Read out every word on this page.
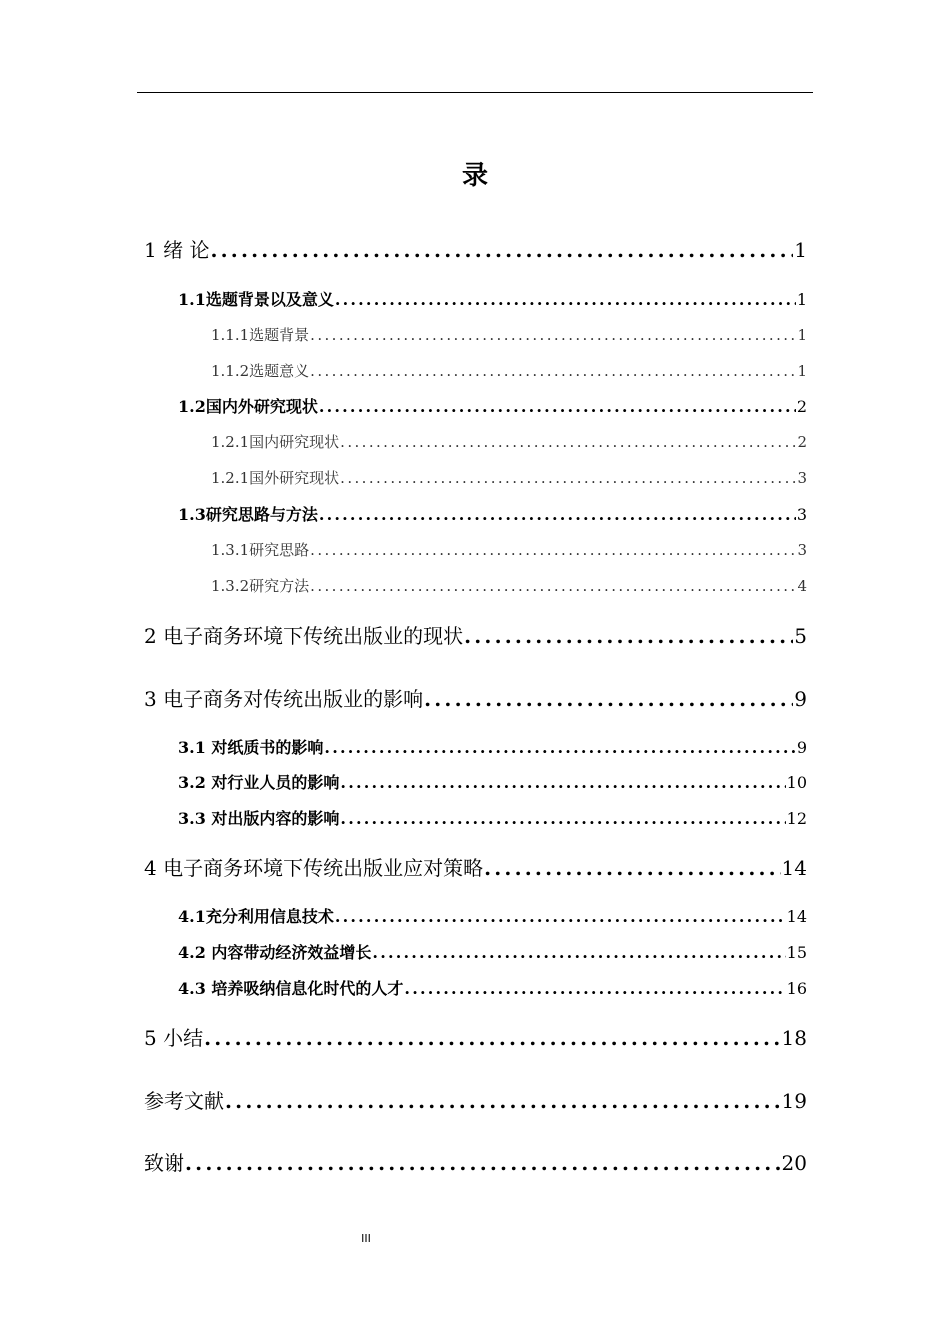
录
1 绪 论 .....	1
1.1选题背景以及意义 .....	1
1.1.1选题背景 .....	1
1.1.2选题意义 .....	1
1.2国内外研究现状 .....	2
1.2.1国内研究现状 .....	2
1.2.1国外研究现状 .....	3
1.3研究思路与方法 .....	3
1.3.1研究思路 .....	3
1.3.2研究方法 .....	4
2 电子商务环境下传统出版业的现状 .....	5
3 电子商务对传统出版业的影响 .....	9
3.1 对纸质书的影响 .....	9
3.2 对行业人员的影响 .....	10
3.3 对出版内容的影响 .....	12
4 电子商务环境下传统出版业应对策略 .....	14
4.1充分利用信息技术 .....	14
4.2 内容带动经济效益增长 .....	15
4.3 培养吸纳信息化时代的人才 .....	16
5 小结 .....	18
参考文献 .....	19
致谢 .....	20
III
